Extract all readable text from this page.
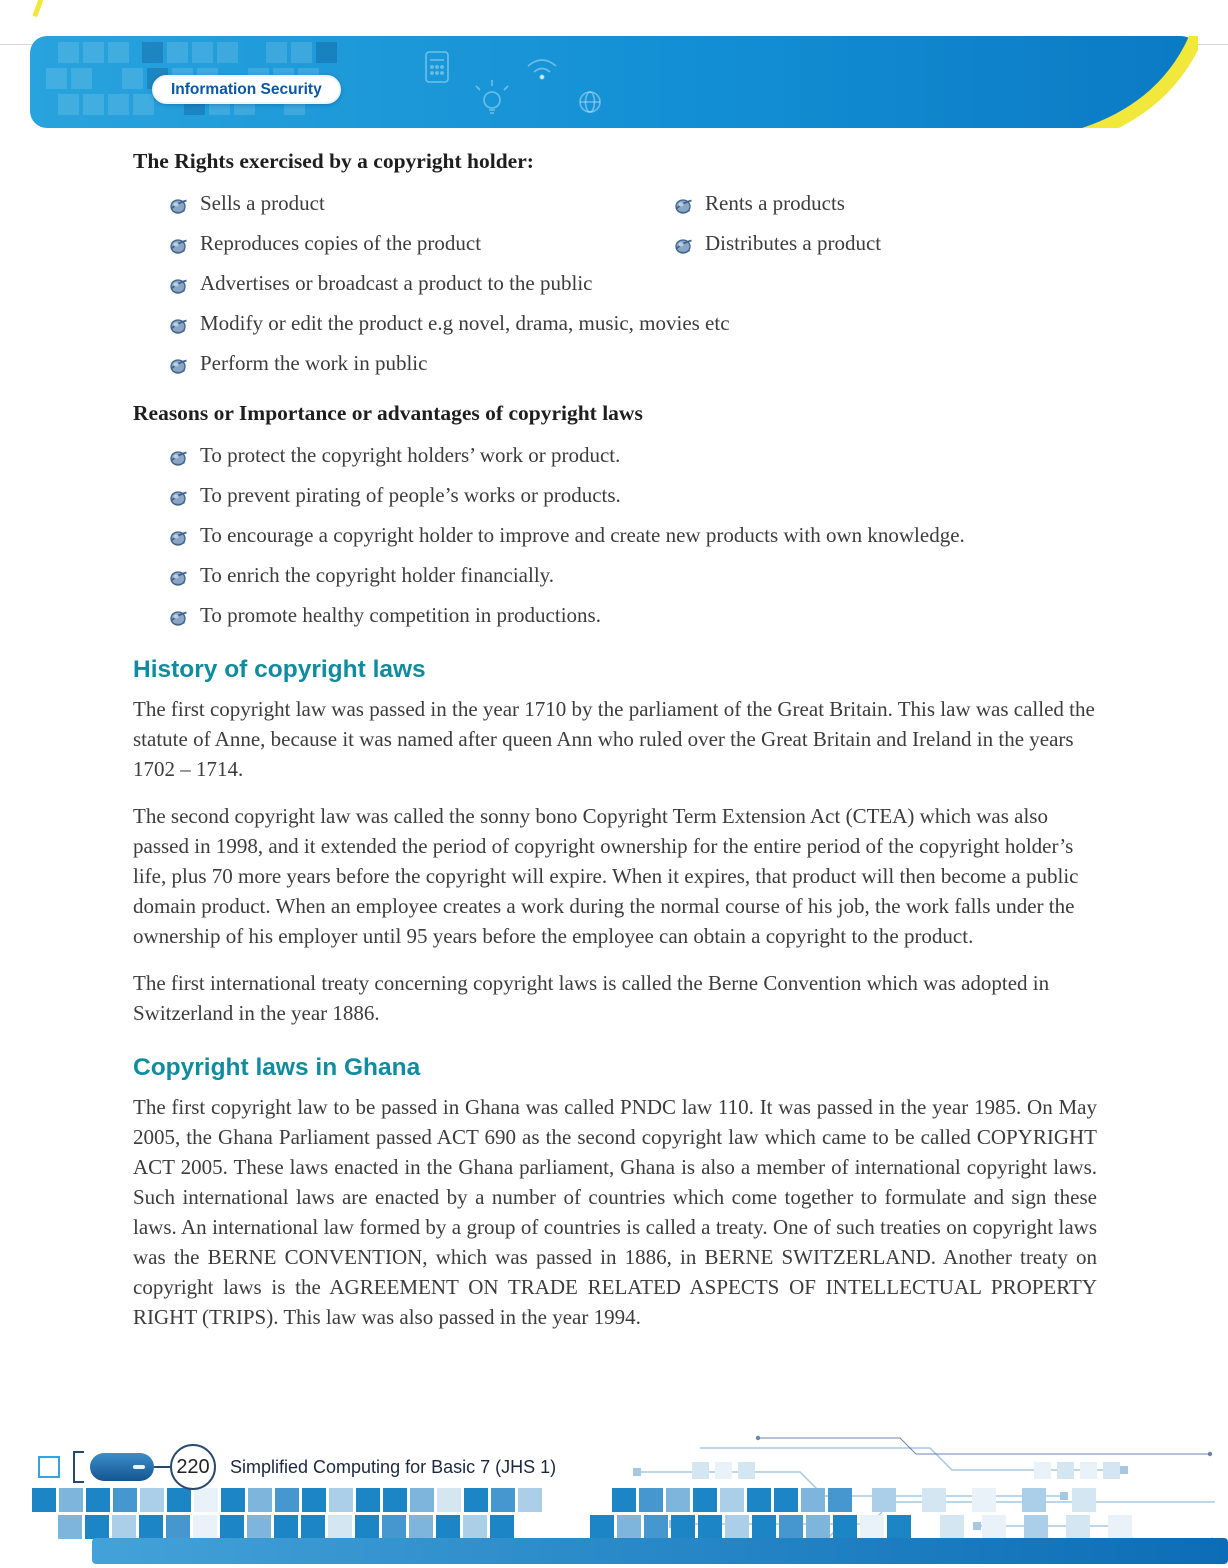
Information Security
The Rights exercised by a copyright holder:
Sells a product	Rents a products
Reproduces copies of the product	Distributes a product
Advertises or broadcast a product to the public
Modify or edit the product e.g novel, drama, music, movies etc
Perform the work in public
Reasons or Importance or advantages of copyright laws
To protect the copyright holders’ work or product.
To prevent pirating of people’s works or products.
To encourage a copyright holder to improve and create new products with own knowledge.
To enrich the copyright holder financially.
To promote healthy competition in productions.
History of copyright laws

The first copyright law was passed in the year 1710 by the parliament of the Great Britain. This law was called the statute of Anne, because it was named after queen Ann who ruled over the Great Britain and Ireland in the years 1702 – 1714.

The second copyright law was called the sonny bono Copyright Term Extension Act (CTEA) which was also passed in 1998, and it extended the period of copyright ownership for the entire period of the copyright holder’s life, plus 70 more years before the copyright will expire. When it expires, that product will then become a public domain product. When an employee creates a work during the normal course of his job, the work falls under the ownership of his employer until 95 years before the employee can obtain a copyright to the product.

The first international treaty concerning copyright laws is called the Berne Convention which was adopted in Switzerland in the year 1886.

Copyright laws in Ghana

The first copyright law to be passed in Ghana was called PNDC law 110. It was passed in the year 1985. On May 2005, the Ghana Parliament passed ACT 690 as the second copyright law which came to be called COPYRIGHT ACT 2005. These laws enacted in the Ghana parliament, Ghana is also a member of international copyright laws. Such international laws are enacted by a number of countries which come together to formulate and sign these laws. An international law formed by a group of countries is called a treaty. One of such treaties on copyright laws was the BERNE CONVENTION, which was passed in 1886, in BERNE SWITZERLAND. Another treaty on copyright laws is the AGREEMENT ON TRADE RELATED ASPECTS OF INTELLECTUAL PROPERTY RIGHT (TRIPS). This law was also passed in the year 1994.

220 Simplified Computing for Basic 7 (JHS 1)
